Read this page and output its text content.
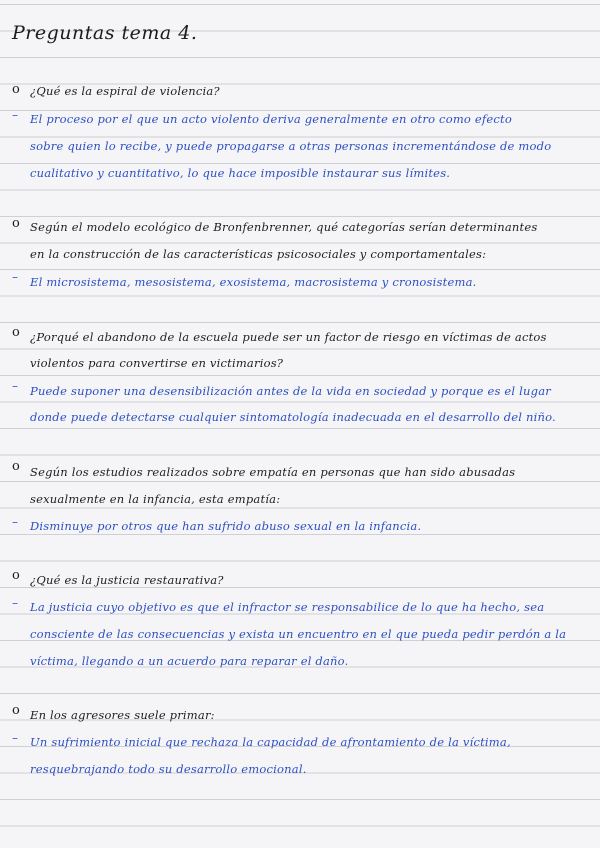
Preguntas tema 4.
o ¿Qué es la espiral de violencia?
– El proceso por el que un acto violento deriva generalmente en otro como efecto
sobre quien lo recibe, y puede propagarse a otras personas incrementándose de modo
cualitativo y cuantitativo, lo que hace imposible instaurar sus límites.
o Según el modelo ecológico de Bronfenbrenner, qué categorías serían determinantes
en la construcción de las características psicosociales y comportamentales:
– El microsistema, mesosistema, exosistema, macrosistema y cronosistema.
o ¿Porqué el abandono de la escuela puede ser un factor de riesgo en víctimas de actos
violentos para convertirse en victimarios?
– Puede suponer una desensibilización antes de la vida en sociedad y porque es el lugar
donde puede detectarse cualquier sintomatología inadecuada en el desarrollo del niño.
o Según los estudios realizados sobre empatía en personas que han sido abusadas
sexualmente en la infancia, esta empatía:
– Disminuye por otros que han sufrido abuso sexual en la infancia.
o ¿Qué es la justicia restaurativa?
– La justicia cuyo objetivo es que el infractor se responsabilice de lo que ha hecho, sea
consciente de las consecuencias y exista un encuentro en el que pueda pedir perdón a la
víctima, llegando a un acuerdo para reparar el daño.
o En los agresores suele primar:
– Un sufrimiento inicial que rechaza la capacidad de afrontamiento de la víctima,
resquebrajando todo su desarrollo emocional.
